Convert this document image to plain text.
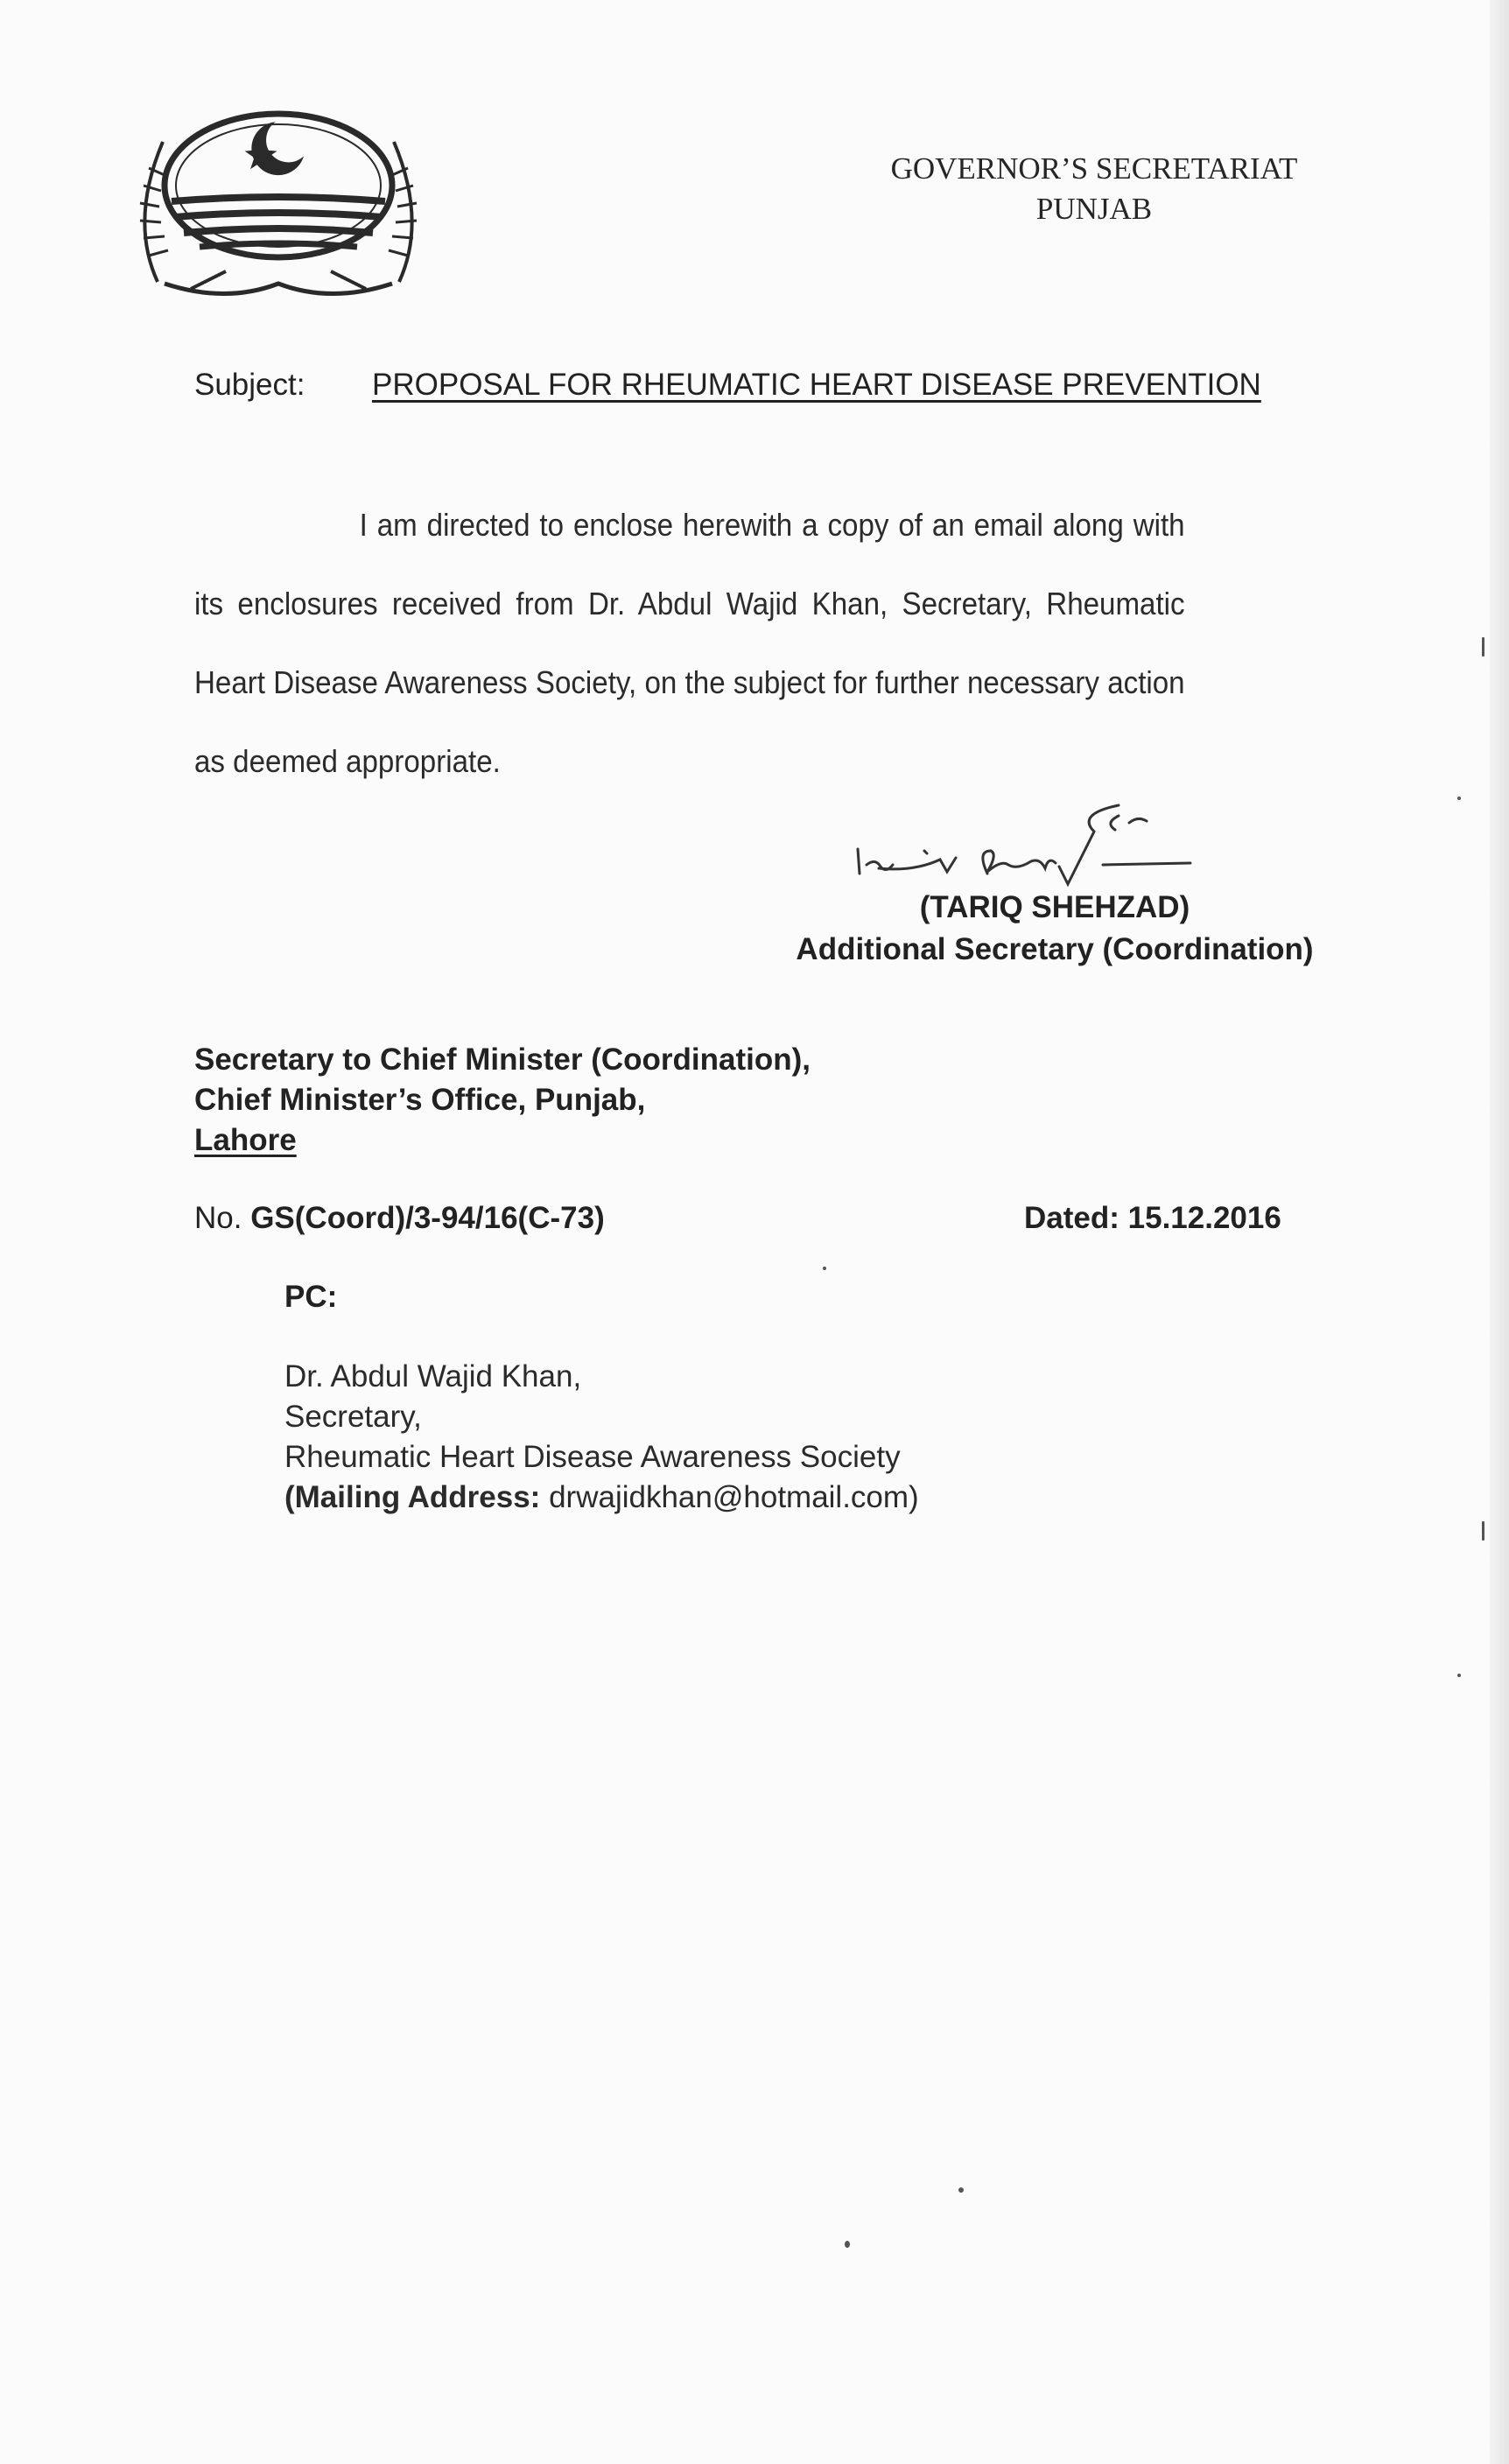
GOVERNOR’S SECRETARIAT
PUNJAB
Subject: PROPOSAL FOR RHEUMATIC HEART DISEASE PREVENTION
I am directed to enclose herewith a copy of an email along with its enclosures received from Dr. Abdul Wajid Khan, Secretary, Rheumatic Heart Disease Awareness Society, on the subject for further necessary action as deemed appropriate.
(TARIQ SHEHZAD)
Additional Secretary (Coordination)
Secretary to Chief Minister (Coordination),
Chief Minister’s Office, Punjab,
Lahore
No. GS(Coord)/3-94/16(C-73)	Dated: 15.12.2016
PC:
Dr. Abdul Wajid Khan,
Secretary,
Rheumatic Heart Disease Awareness Society
(Mailing Address: drwajidkhan@hotmail.com)
